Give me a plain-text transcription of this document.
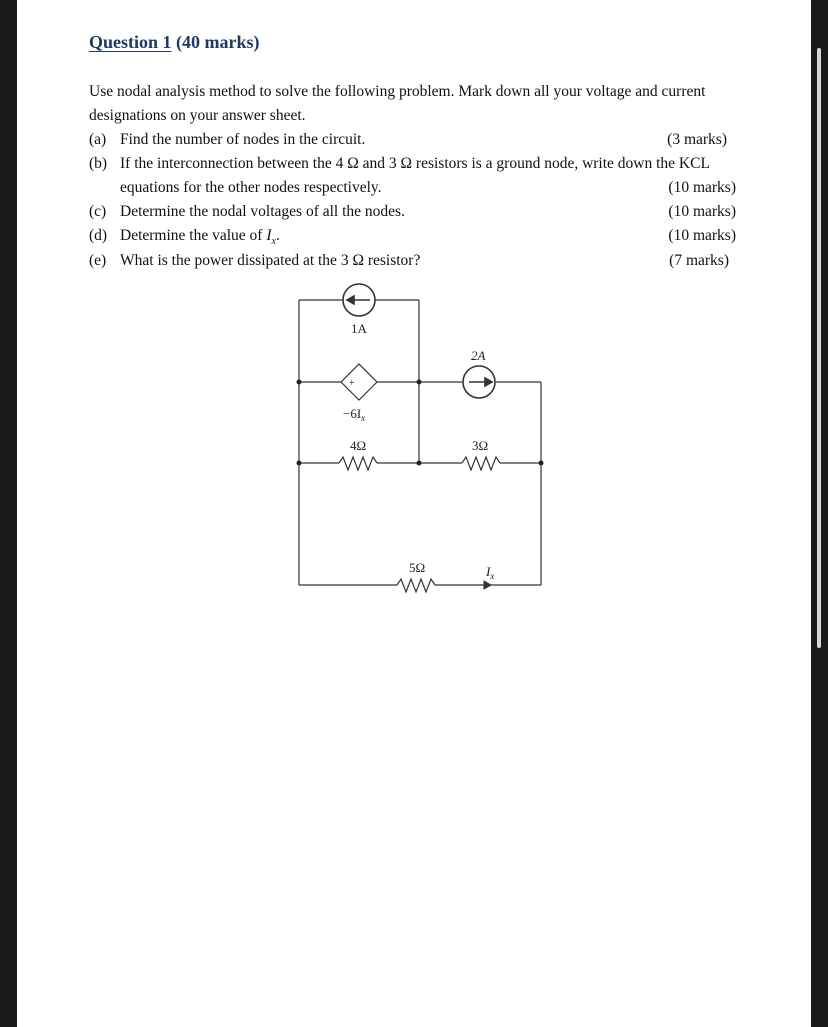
Question 1 (40 marks)
Use nodal analysis method to solve the following problem. Mark down all your voltage and current
designations on your answer sheet.
(a) Find the number of nodes in the circuit.	(3 marks)
(b) If the interconnection between the 4 Ω and 3 Ω resistors is a ground node, write down the KCL
equations for the other nodes respectively.	(10 marks)
(c) Determine the nodal voltages of all the nodes.	(10 marks)
(d) Determine the value of $I_x$.	(10 marks)
(e) What is the power dissipated at the 3 Ω resistor?	(7 marks)
1A
2A
+
$-6I_x$
4Ω	3Ω
5Ω	$I_x$
